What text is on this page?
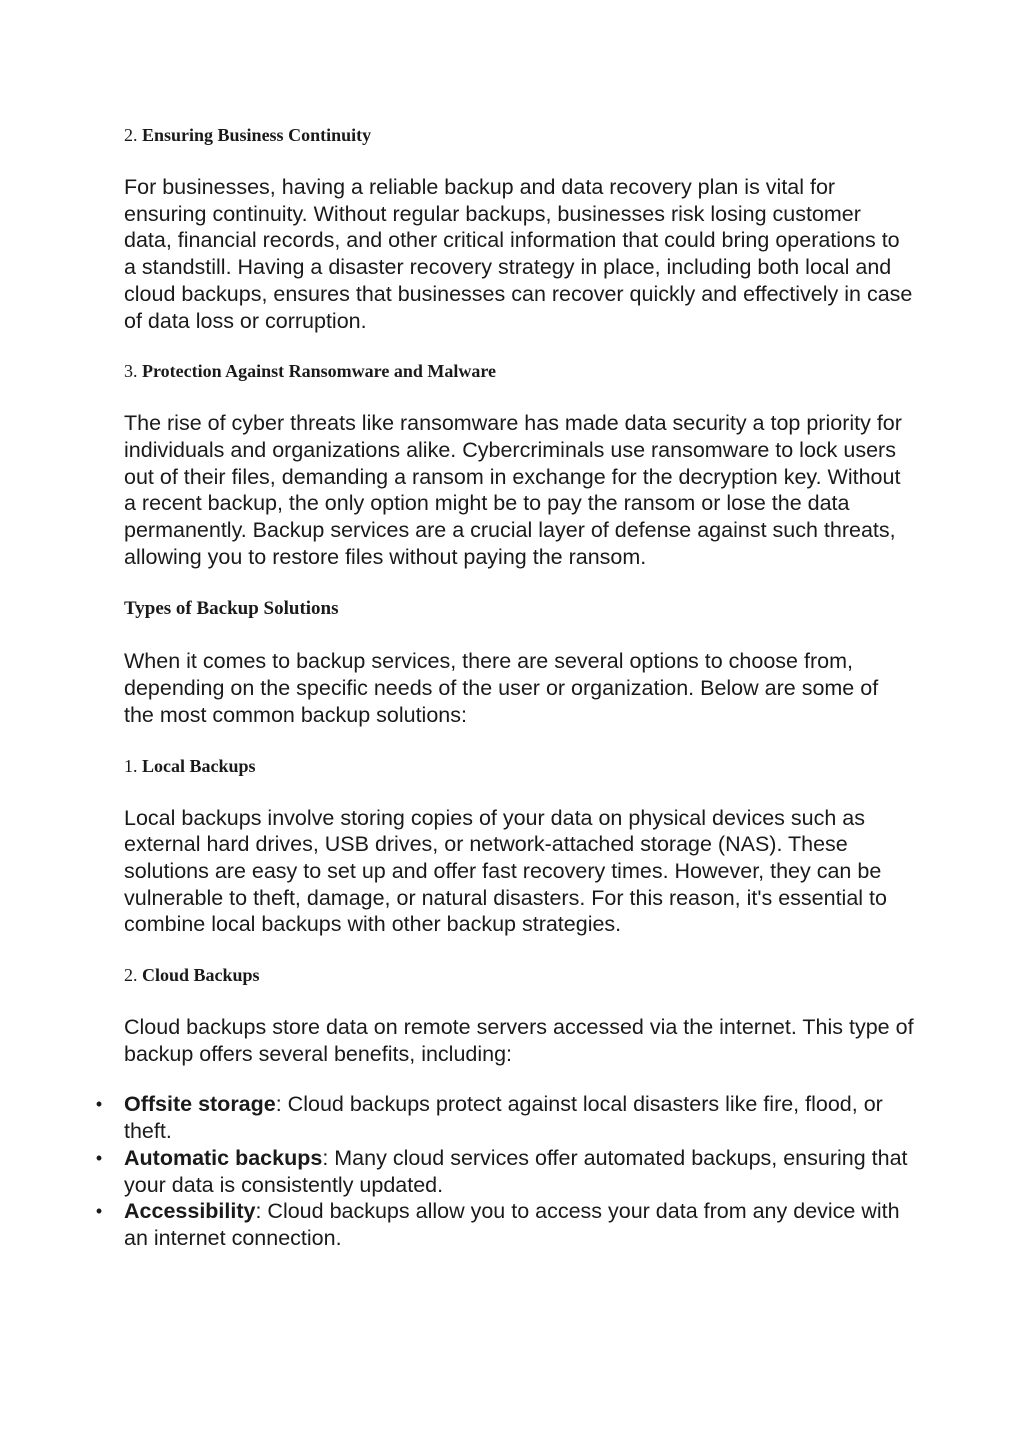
2. Ensuring Business Continuity

For businesses, having a reliable backup and data recovery plan is vital for ensuring continuity. Without regular backups, businesses risk losing customer data, financial records, and other critical information that could bring operations to a standstill. Having a disaster recovery strategy in place, including both local and cloud backups, ensures that businesses can recover quickly and effectively in case of data loss or corruption.

3. Protection Against Ransomware and Malware

The rise of cyber threats like ransomware has made data security a top priority for individuals and organizations alike. Cybercriminals use ransomware to lock users out of their files, demanding a ransom in exchange for the decryption key. Without a recent backup, the only option might be to pay the ransom or lose the data permanently. Backup services are a crucial layer of defense against such threats, allowing you to restore files without paying the ransom.

Types of Backup Solutions

When it comes to backup services, there are several options to choose from, depending on the specific needs of the user or organization. Below are some of the most common backup solutions:

1. Local Backups

Local backups involve storing copies of your data on physical devices such as external hard drives, USB drives, or network-attached storage (NAS). These solutions are easy to set up and offer fast recovery times. However, they can be vulnerable to theft, damage, or natural disasters. For this reason, it's essential to combine local backups with other backup strategies.

2. Cloud Backups

Cloud backups store data on remote servers accessed via the internet. This type of backup offers several benefits, including:

• Offsite storage: Cloud backups protect against local disasters like fire, flood, or theft.
• Automatic backups: Many cloud services offer automated backups, ensuring that your data is consistently updated.
• Accessibility: Cloud backups allow you to access your data from any device with an internet connection.
